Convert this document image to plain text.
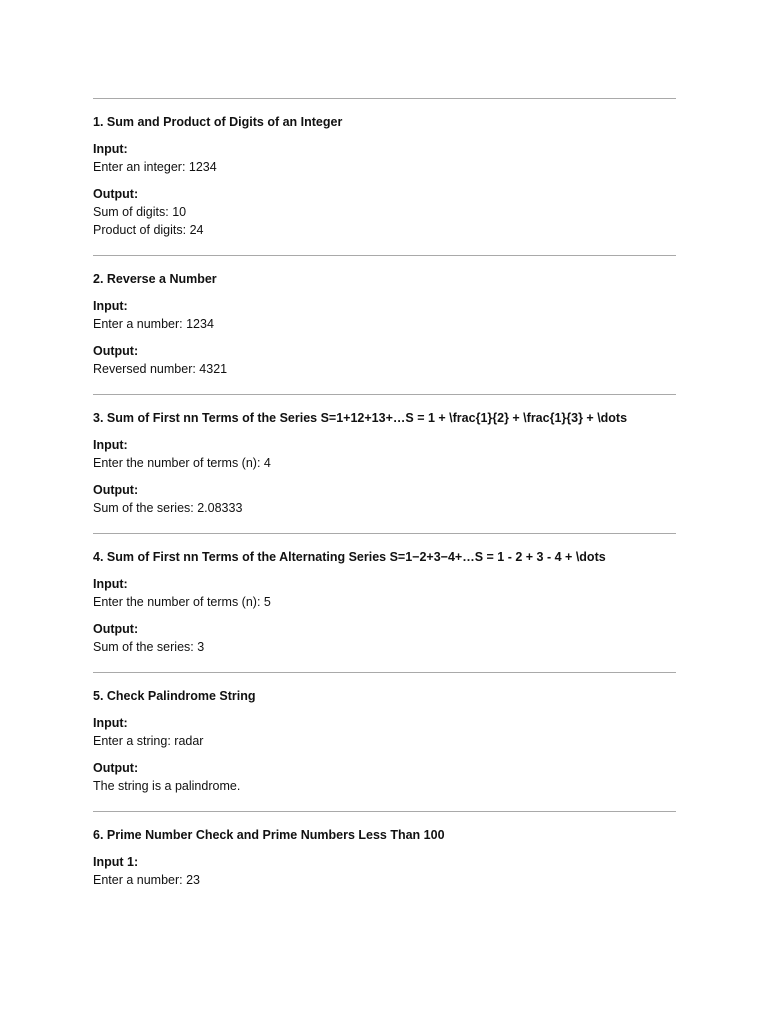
1. Sum and Product of Digits of an Integer
Input:
Enter an integer: 1234
Output:
Sum of digits: 10
Product of digits: 24
2. Reverse a Number
Input:
Enter a number: 1234
Output:
Reversed number: 4321
3. Sum of First nn Terms of the Series S=1+12+13+…S = 1 + \frac{1}{2} + \frac{1}{3} + \dots
Input:
Enter the number of terms (n): 4
Output:
Sum of the series: 2.08333
4. Sum of First nn Terms of the Alternating Series S=1−2+3−4+…S = 1 - 2 + 3 - 4 + \dots
Input:
Enter the number of terms (n): 5
Output:
Sum of the series: 3
5. Check Palindrome String
Input:
Enter a string: radar
Output:
The string is a palindrome.
6. Prime Number Check and Prime Numbers Less Than 100
Input 1:
Enter a number: 23
